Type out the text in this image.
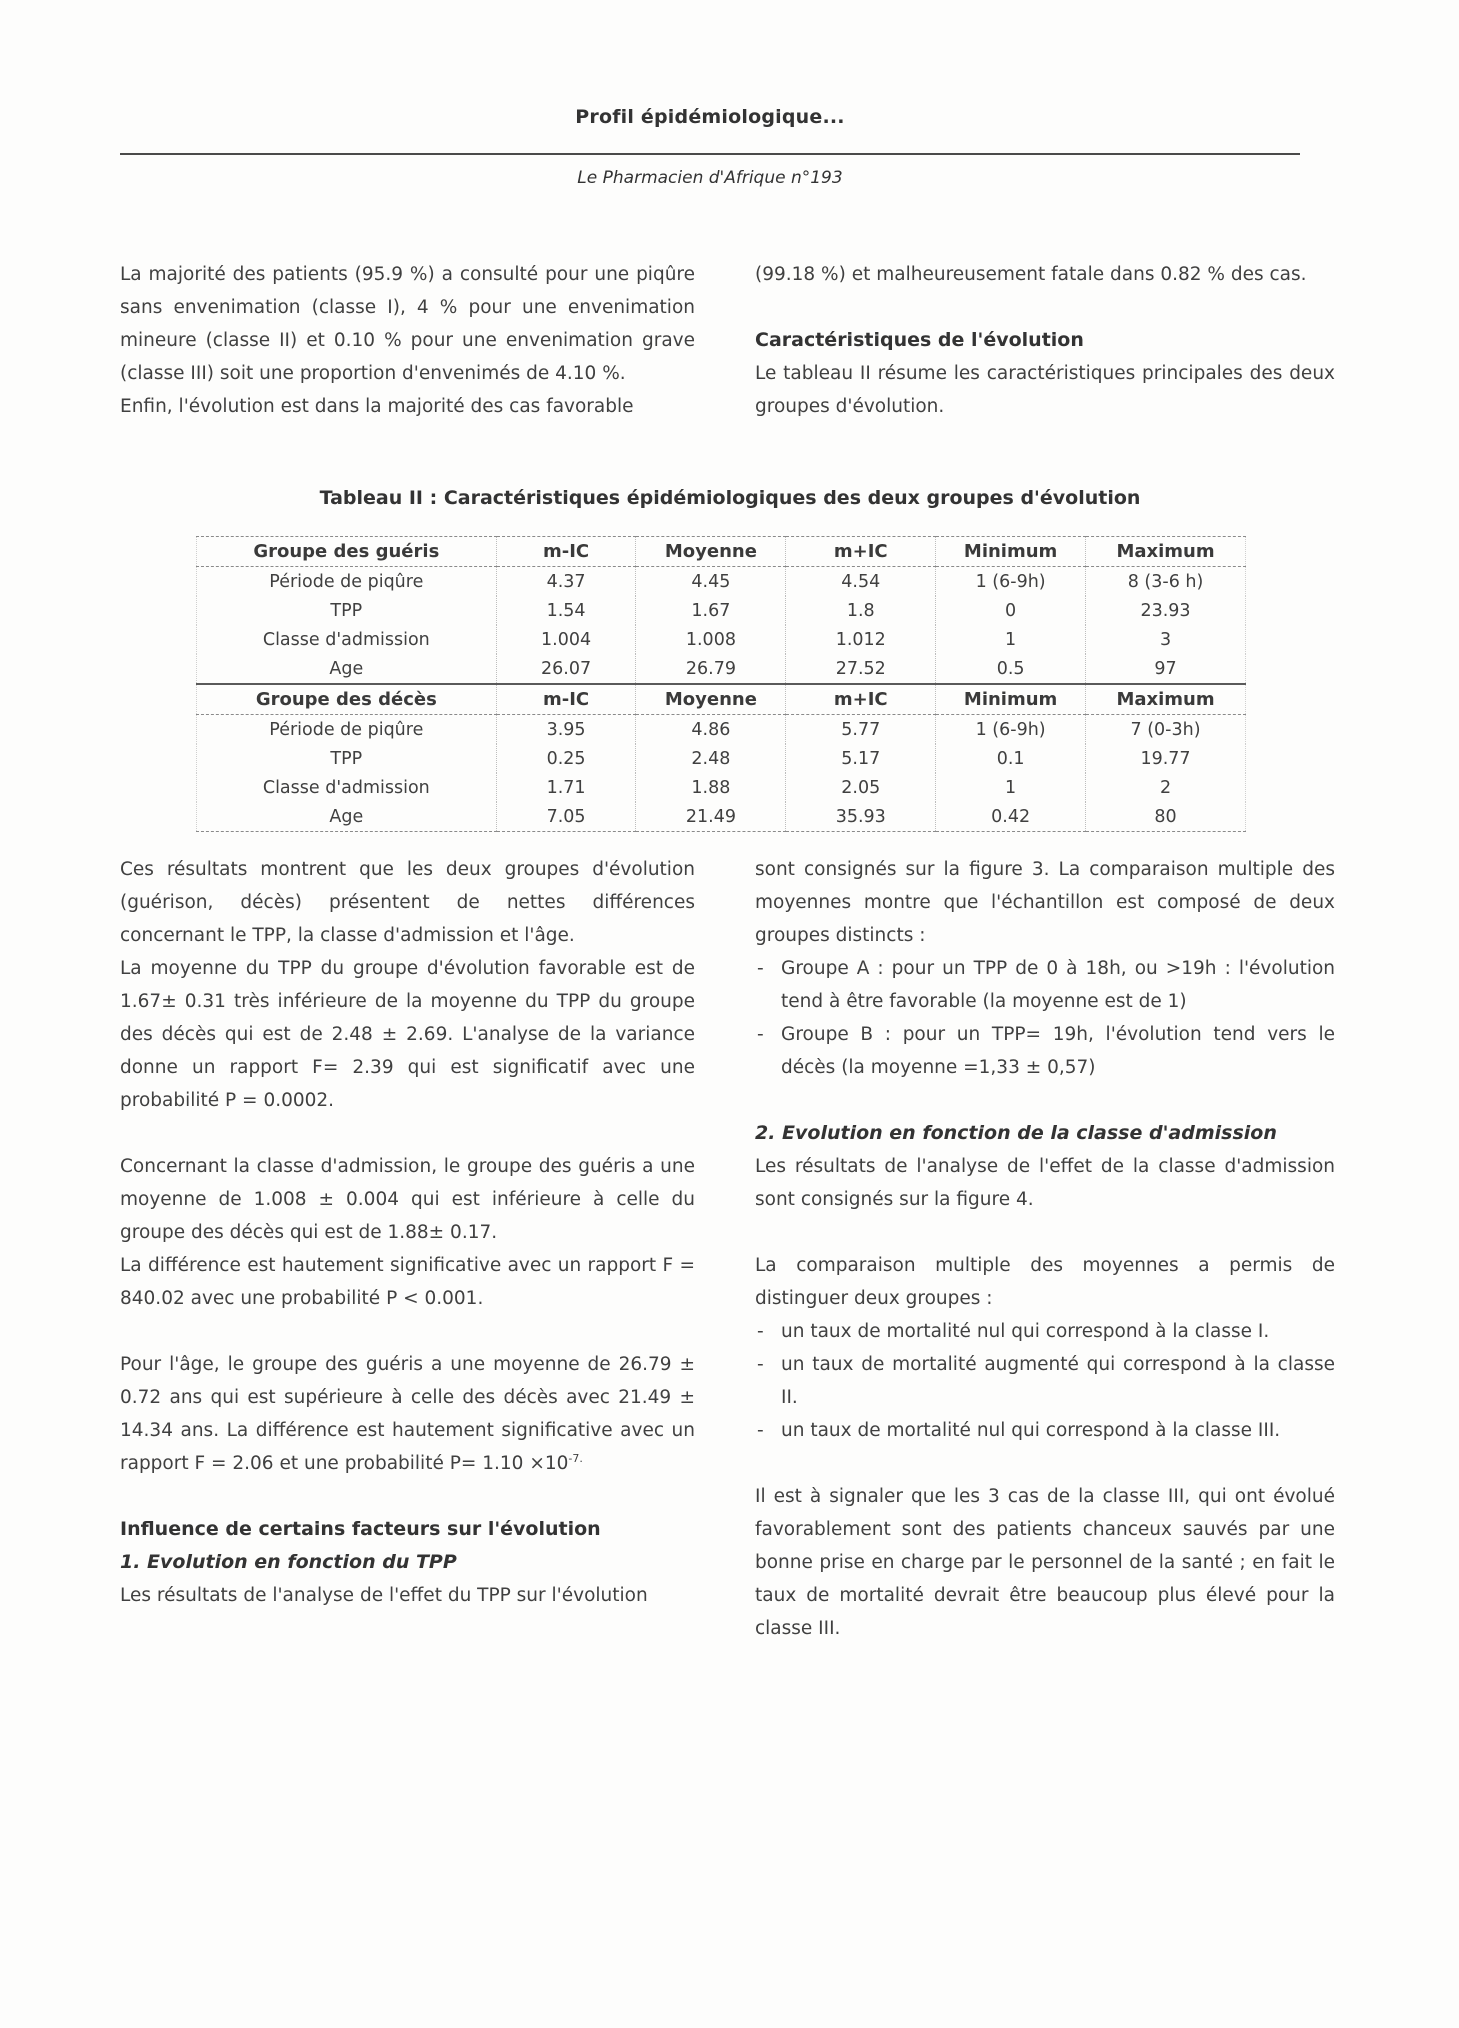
Profil épidémiologique...
Le Pharmacien d'Afrique n°193

La majorité des patients (95.9 %) a consulté pour une piqûre sans envenimation (classe I), 4 % pour une envenimation mineure (classe II) et 0.10 % pour une envenimation grave (classe III) soit une proportion d'envenimés de 4.10 %.

Enfin, l'évolution est dans la majorité des cas favorable

(99.18 %) et malheureusement fatale dans 0.82 % des cas.

Caractéristiques de l'évolution

Le tableau II résume les caractéristiques principales des deux groupes d'évolution.

Tableau II : Caractéristiques épidémiologiques des deux groupes d'évolution
Groupe des guéris	m-IC	Moyenne	m+IC	Minimum	Maximum
Période de piqûre	4.37	4.45	4.54	1 (6-9h)	8 (3-6 h)
TPP	1.54	1.67	1.8	0	23.93
Classe d'admission	1.004	1.008	1.012	1	3
Age	26.07	26.79	27.52	0.5	97
Groupe des décès	m-IC	Moyenne	m+IC	Minimum	Maximum
Période de piqûre	3.95	4.86	5.77	1 (6-9h)	7 (0-3h)
TPP	0.25	2.48	5.17	0.1	19.77
Classe d'admission	1.71	1.88	2.05	1	2
Age	7.05	21.49	35.93	0.42	80

Ces résultats montrent que les deux groupes d'évolution (guérison, décès) présentent de nettes différences concernant le TPP, la classe d'admission et l'âge.

La moyenne du TPP du groupe d'évolution favorable est de 1.67± 0.31 très inférieure de la moyenne du TPP du groupe des décès qui est de 2.48 ± 2.69. L'analyse de la variance donne un rapport F= 2.39 qui est significatif avec une probabilité P = 0.0002.

Concernant la classe d'admission, le groupe des guéris a une moyenne de 1.008 ± 0.004 qui est inférieure à celle du groupe des décès qui est de 1.88± 0.17.

La différence est hautement significative avec un rapport F = 840.02 avec une probabilité P < 0.001.

Pour l'âge, le groupe des guéris a une moyenne de 26.79 ± 0.72 ans qui est supérieure à celle des décès avec 21.49 ± 14.34 ans. La différence est hautement significative avec un rapport F = 2.06 et une probabilité $P= 1.10 \times 10^{-7.}$

Influence de certains facteurs sur l'évolution

1. Evolution en fonction du TPP

Les résultats de l'analyse de l'effet du TPP sur l'évolution

sont consignés sur la figure 3. La comparaison multiple des moyennes montre que l'échantillon est composé de deux groupes distincts :

- Groupe A : pour un TPP de 0 à 18h, ou >19h : l'évolution tend à être favorable (la moyenne est de 1)
- Groupe B : pour un TPP= 19h, l'évolution tend vers le décès (la moyenne =1,33 ± 0,57)

2. Evolution en fonction de la classe d'admission

Les résultats de l'analyse de l'effet de la classe d'admission sont consignés sur la figure 4.

La comparaison multiple des moyennes a permis de distinguer deux groupes :

- un taux de mortalité nul qui correspond à la classe I.
- un taux de mortalité augmenté qui correspond à la classe II.
- un taux de mortalité nul qui correspond à la classe III.

Il est à signaler que les 3 cas de la classe III, qui ont évolué favorablement sont des patients chanceux sauvés par une bonne prise en charge par le personnel de la santé ; en fait le taux de mortalité devrait être beaucoup plus élevé pour la classe III.
